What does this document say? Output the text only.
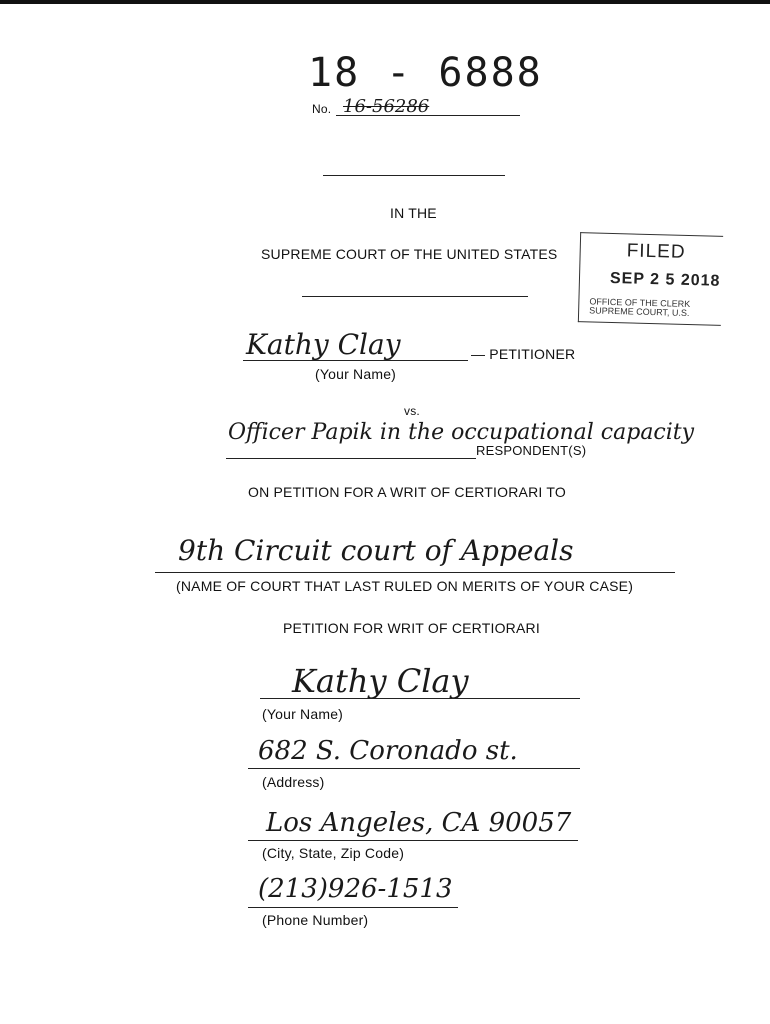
18 - 6888
No. 16-56286
IN THE
SUPREME COURT OF THE UNITED STATES	FILED
SEP 2 5 2018
OFFICE OF THE CLERK
SUPREME COURT, U.S.
Kathy Clay	— PETITIONER
(Your Name)
vs.
Officer Papik in the occupational capacity
RESPONDENT(S)
ON PETITION FOR A WRIT OF CERTIORARI TO
9th Circuit court of Appeals
(NAME OF COURT THAT LAST RULED ON MERITS OF YOUR CASE)
PETITION FOR WRIT OF CERTIORARI
Kathy Clay
(Your Name)
682 S. Coronado st.
(Address)
Los Angeles, CA 90057
(City, State, Zip Code)
(213)926-1513
(Phone Number)
